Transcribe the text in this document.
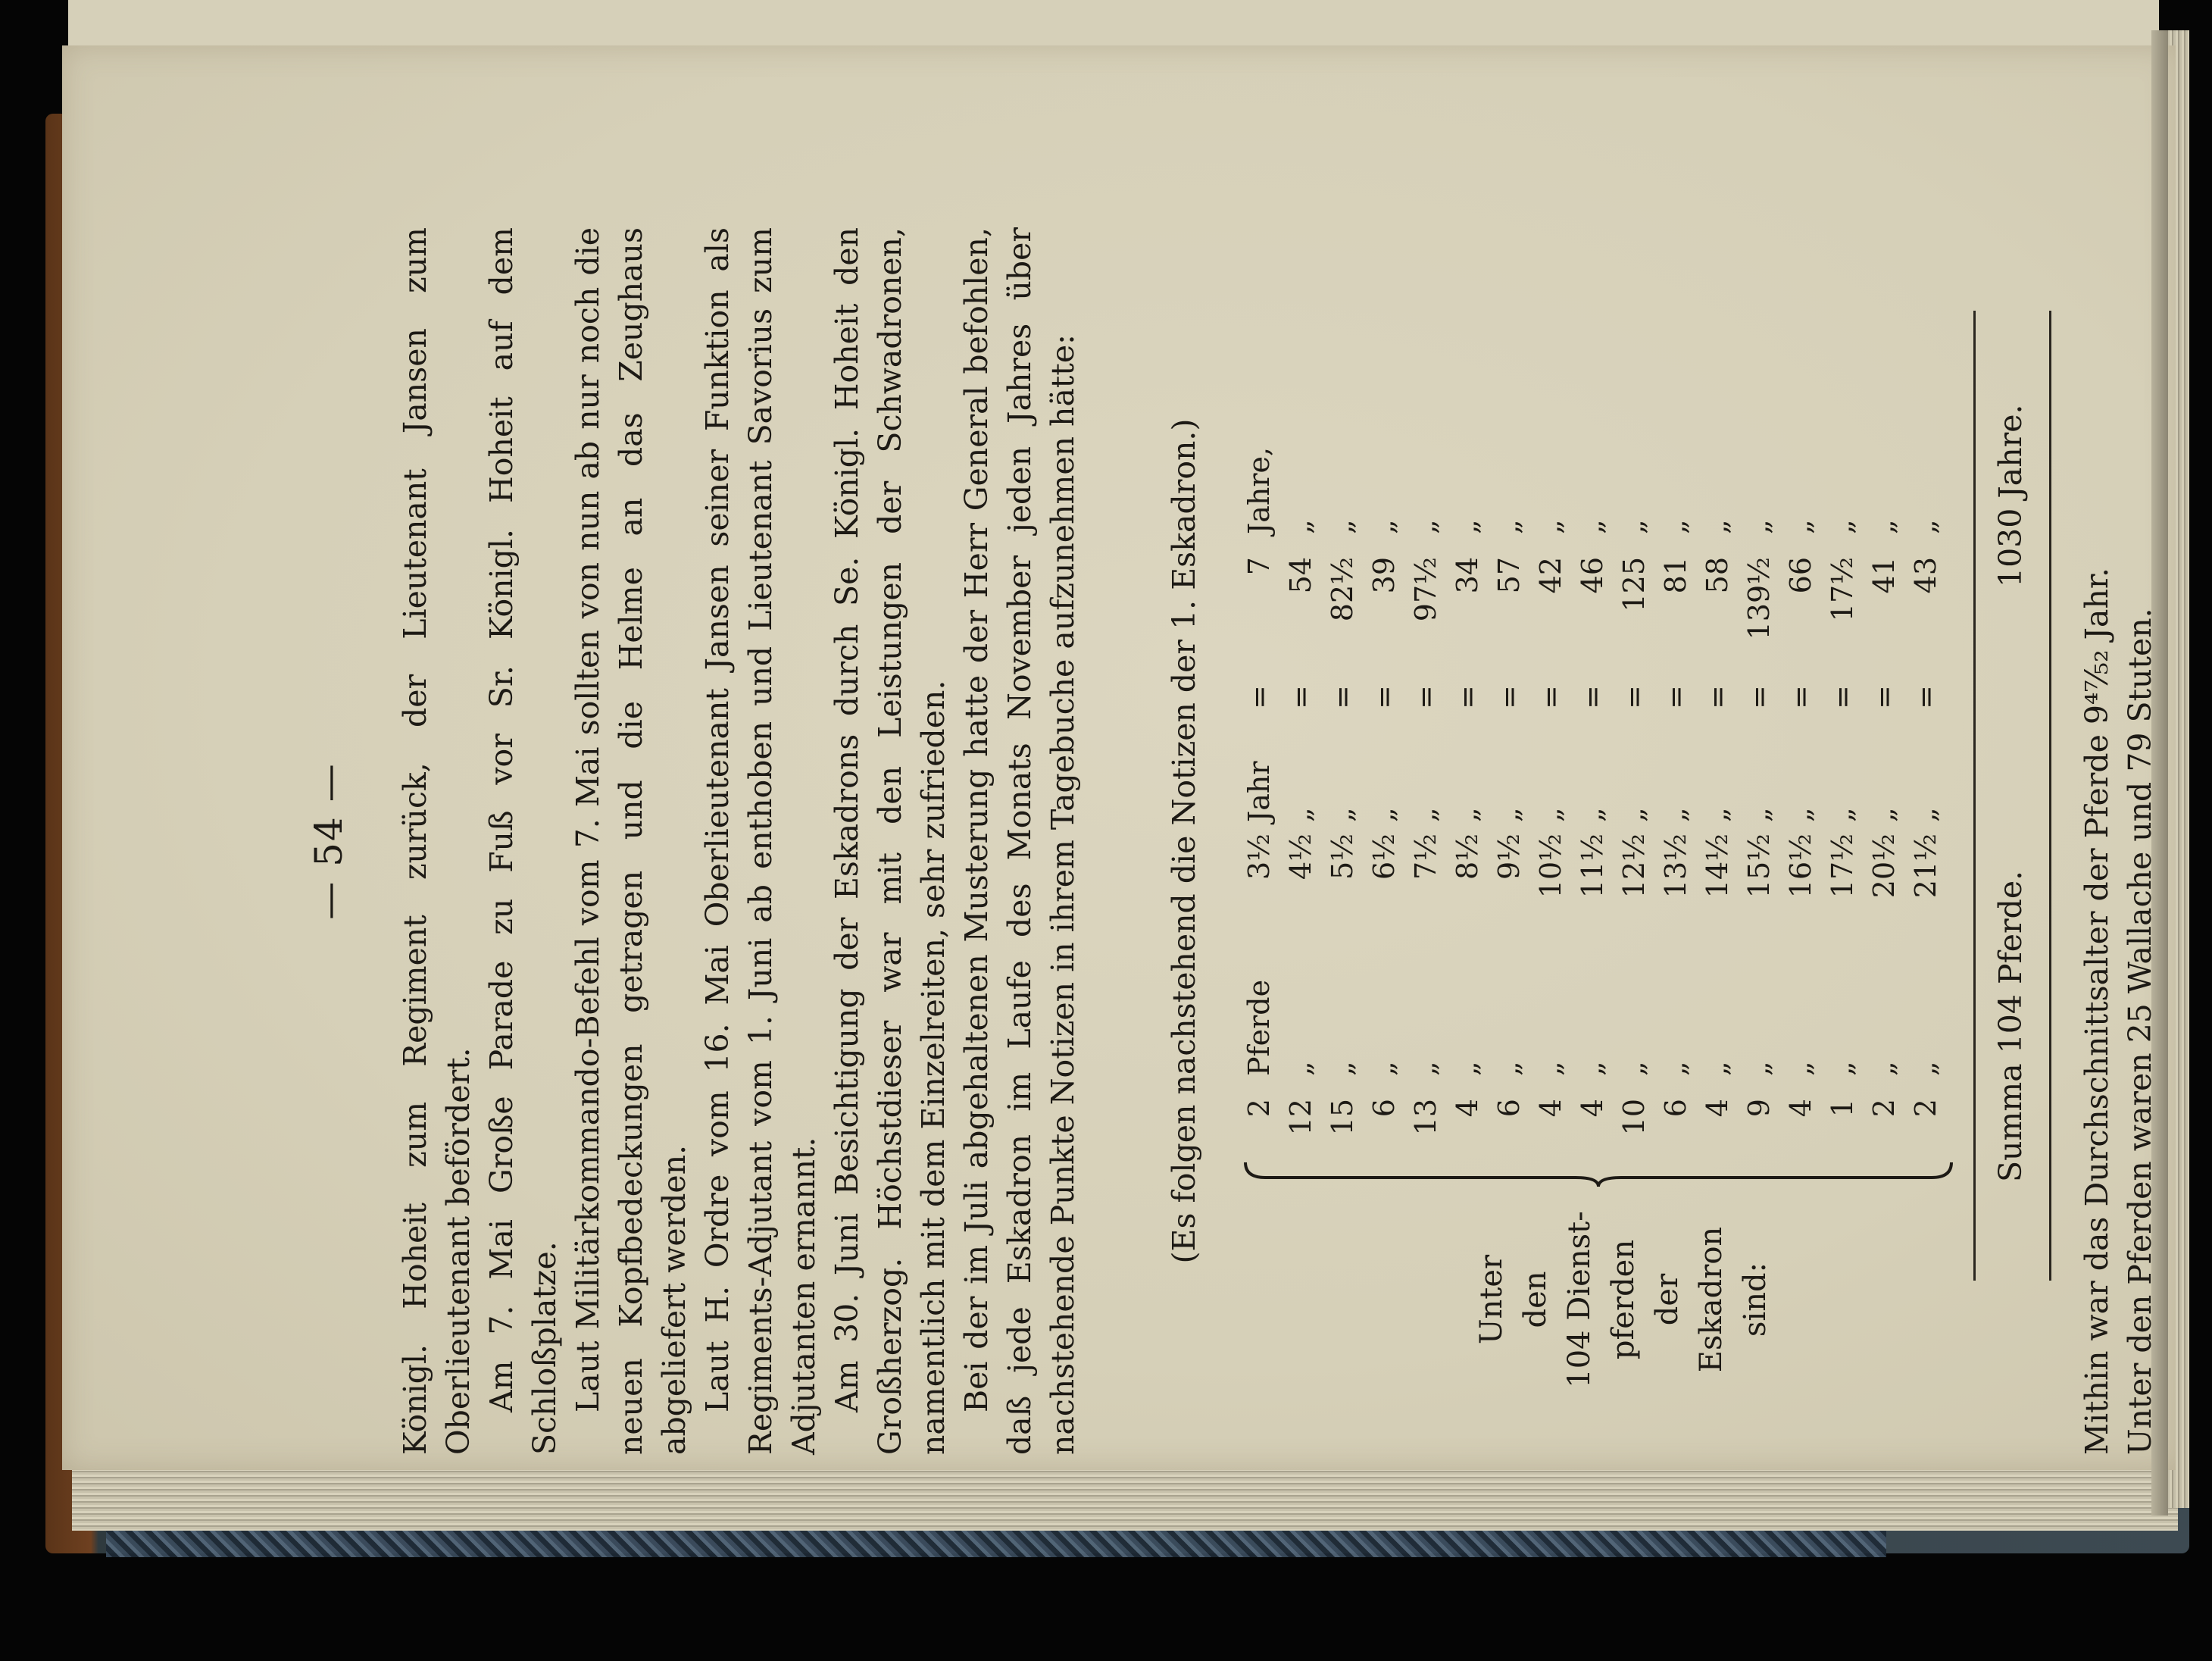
— 54 — Königl. Hoheit zum Regiment zurück, der Lieutenant Jansen zum Oberlieutenant befördert. Am 7. Mai Große Parade zu Fuß vor Sr. Königl. Hoheit auf dem Schloßplatze. Laut Militärkommando-Befehl vom 7. Mai sollten von nun ab nur noch die neuen Kopfbedeckungen getragen und die Helme an das Zeughaus abgeliefert werden. Laut H. Ordre vom 16. Mai Oberlieutenant Jansen seiner Funktion als Regiments-Adjutant vom 1. Juni ab enthoben und Lieutenant Savorius zum Adjutanten ernannt. Am 30. Juni Besichtigung der Eskadrons durch Se. Königl. Hoheit den Großherzog. Höchstdieser war mit den Leistungen der Schwadronen, namentlich mit dem Einzelreiten, sehr zufrieden. Bei der im Juli abgehaltenen Musterung hatte der Herr General befohlen, daß jede Eskadron im Laufe des Monats November jeden Jahres über nachstehende Punkte Notizen in ihrem Tagebuche aufzunehmen hätte:	(Es folgen nachstehend die Notizen der 1. Eskadron.)
Unter den 104 Dienst- pferden der Eskadron sind:
2
Pferde
3½
Jahr
=
7
Jahre,
12
„
4½
„
=
54
„
15
„
5½
„
=
82½
„
6
„
6½
„
=
39
„
13
„
7½
„
=
97½
„
4
„
8½
„
=
34
„
6
„
9½
„
=
57
„
4
„
10½
„
=
42
„
4
„
11½
„
=
46
„
10
„
12½
„
=
125
„
6
„
13½
„
=
81
„
4
„
14½
„
=
58
„
9
„
15½
„
=
139½
„
4
„
16½
„
=
66
„
1
„
17½
„
=
17½
„
2
„
20½
„
=
41
„
2
„
21½
„
=
43
„
Summa 104 Pferde.
1030 Jahre.
Mithin war das Durchschnittsalter der Pferde 9⁴⁷⁄₅₂ Jahr. Unter den Pferden waren 25 Wallache und 79 Stuten.
